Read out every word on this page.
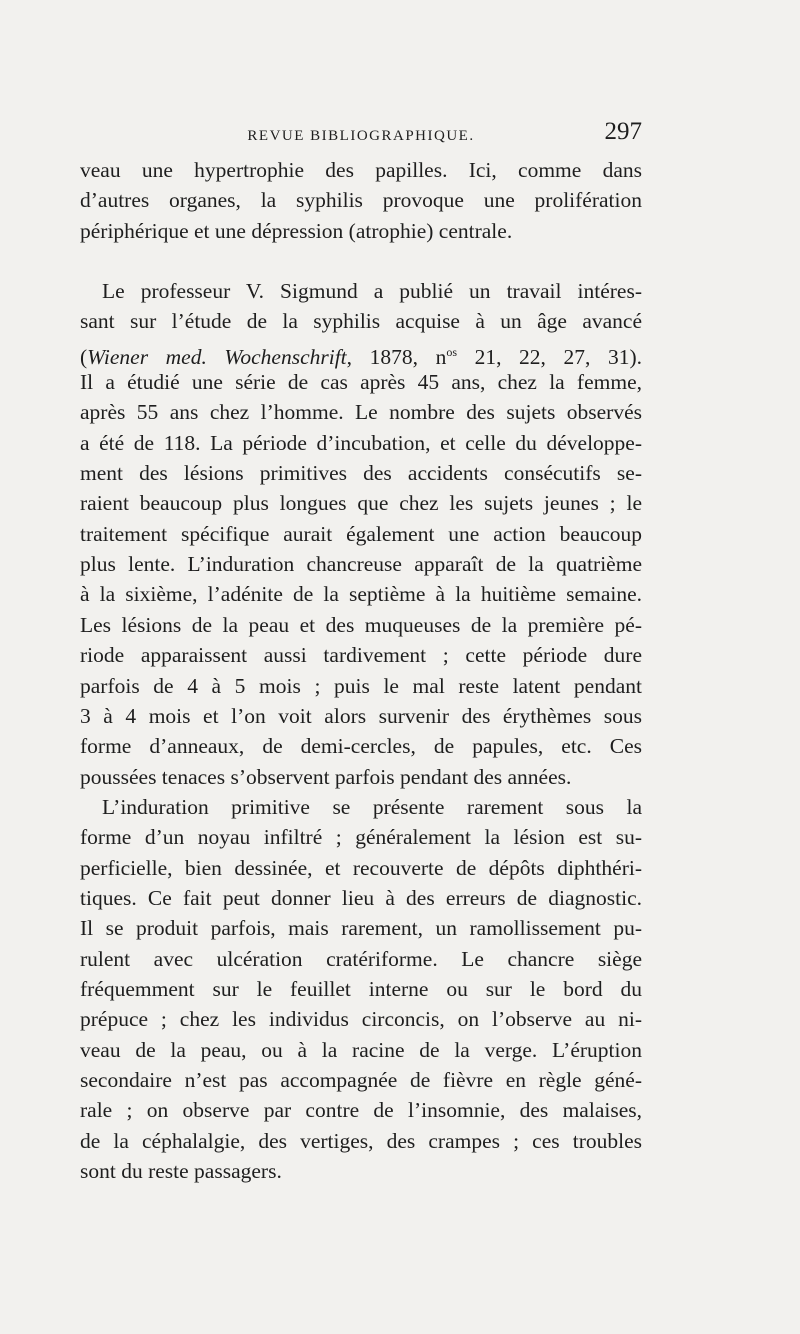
REVUE BIBLIOGRAPHIQUE.	297
veau une hypertrophie des papilles. Ici, comme dans
d’autres organes, la syphilis provoque une prolifération
périphérique et une dépression (atrophie) centrale.
Le professeur V. Sigmund a publié un travail intéres-
sant sur l’étude de la syphilis acquise à un âge avancé
(Wiener med. Wochenschrift, 1878, $n^{os}$ 21, 22, 27, 31).
Il a étudié une série de cas après 45 ans, chez la femme,
après 55 ans chez l’homme. Le nombre des sujets observés
a été de 118. La période d’incubation, et celle du développe-
ment des lésions primitives des accidents consécutifs se-
raient beaucoup plus longues que chez les sujets jeunes ; le
traitement spécifique aurait également une action beaucoup
plus lente. L’induration chancreuse apparaît de la quatrième
à la sixième, l’adénite de la septième à la huitième semaine.
Les lésions de la peau et des muqueuses de la première pé-
riode apparaissent aussi tardivement ; cette période dure
parfois de 4 à 5 mois ; puis le mal reste latent pendant
3 à 4 mois et l’on voit alors survenir des érythèmes sous
forme d’anneaux, de demi-cercles, de papules, etc. Ces
poussées tenaces s’observent parfois pendant des années.
L’induration primitive se présente rarement sous la
forme d’un noyau infiltré ; généralement la lésion est su-
perficielle, bien dessinée, et recouverte de dépôts diphthéri-
tiques. Ce fait peut donner lieu à des erreurs de diagnostic.
Il se produit parfois, mais rarement, un ramollissement pu-
rulent avec ulcération cratériforme. Le chancre siège
fréquemment sur le feuillet interne ou sur le bord du
prépuce ; chez les individus circoncis, on l’observe au ni-
veau de la peau, ou à la racine de la verge. L’éruption
secondaire n’est pas accompagnée de fièvre en règle géné-
rale ; on observe par contre de l’insomnie, des malaises,
de la céphalalgie, des vertiges, des crampes ; ces troubles
sont du reste passagers.
